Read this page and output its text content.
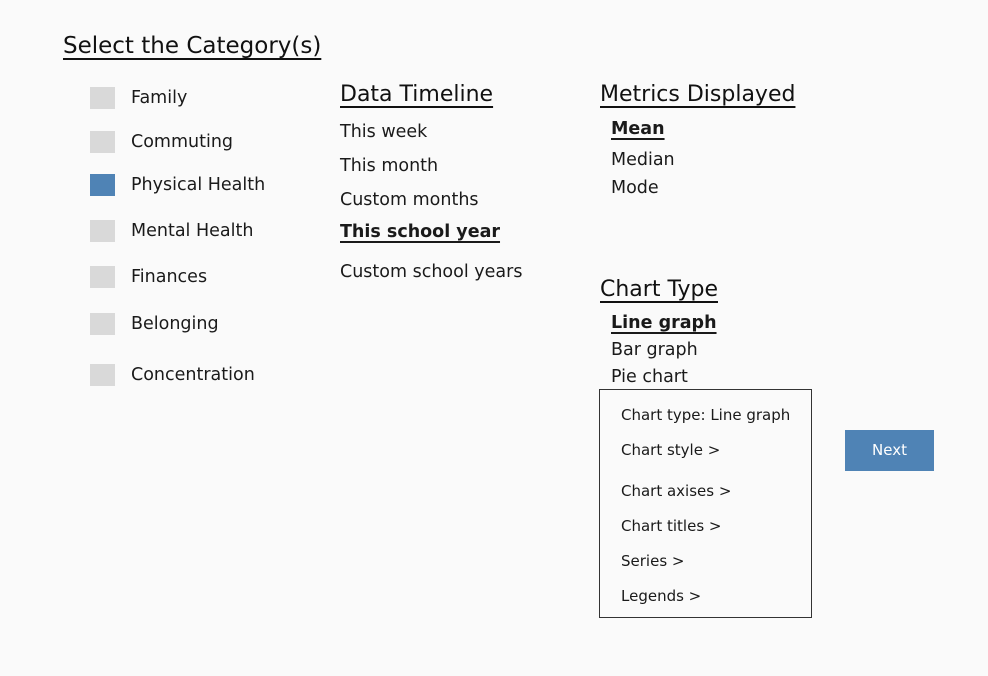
Select the Category(s)
Family
Commuting
Physical Health
Mental Health
Finances
Belonging
Concentration
Data Timeline
This week
This month
Custom months
This school year
Custom school years
Metrics Displayed
Mean
Median
Mode
Chart Type
Line graph
Bar graph
Pie chart
Chart type: Line graph
Chart style >
Chart axises >
Chart titles >
Series >
Legends >
Next
